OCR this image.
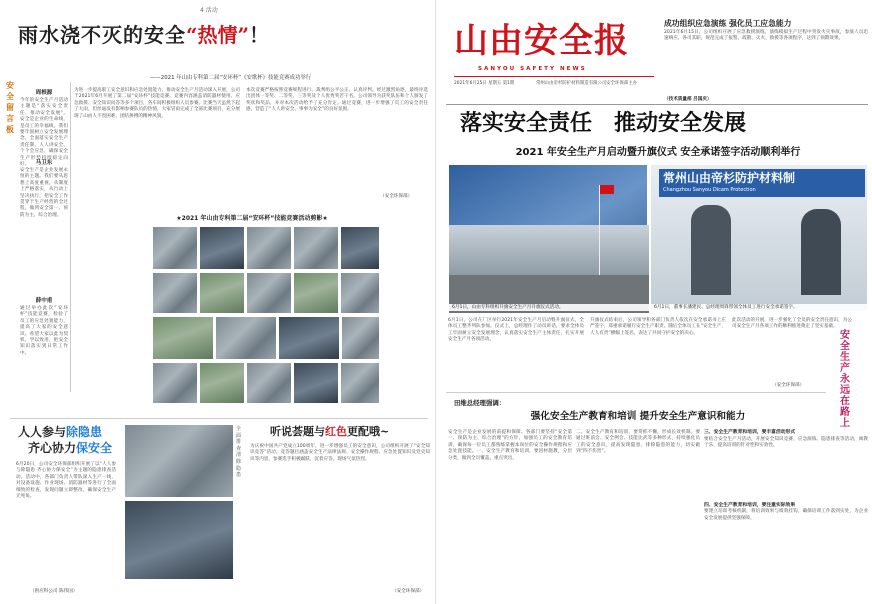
4 活动
雨水浇不灭的安全“热情”！
——2021 年山由专科第二届“安环杯”《安歌杯》技能竞赛成功举行
安全留言板
周根源
今年的安全生产月活动主题是“落实安全责任，推动安全发展”。安全是企业的生命线，是员工的幸福线。我们要牢固树立安全发展理念，全面落实安全生产责任制，人人讲安全、个个会应急，确保安全生产形势持续稳定向好。	马卫东
安全生产是企业发展永恒的主题。我们要从思想上高度重视，从制度上严格落实，从行动上坚决执行，把安全工作贯穿于生产经营的全过程，做到安全第一、预防为主、综合治理。
薛中甫
通过举办此次“安环杯”技能竞赛，检验了员工的应急处置能力，提高了大家的安全意识。希望大家以此为契机，学以致用，把安全知识落实到日常工作中。
为进一步提高职工安全意识和应急处置能力，推动安全生产月活动深入开展，公司于2021年6月开展了第二届“安环杯”技能竞赛。竞赛内容涵盖消防器材使用、应急救援、安全知识问答等多个项目，各车间积极组织人员参赛。比赛当天虽然下起了大雨，但丝毫没有影响参赛队员的热情，大家冒雨完成了全部比赛项目，充分展现了山由人不畏困难、团结拼搏的精神风貌。
本次竞赛严格按照竞赛规程进行，裁判组公平公正、认真评判。经过激烈角逐，最终评选出团体一等奖、二等奖、三等奖及个人优秀奖若干名。公司领导为获奖队伍和个人颁发了奖状和奖品，并对本次活动给予了充分肯定。通过竞赛，进一步增强了员工的安全责任感，营造了“人人讲安全、事事为安全”的良好氛围。
（安全环保部）
★2021 年山由专科第二届“安环杯”技能竞赛活动剪影★
人人参与除隐患
齐心协力保安全
6月20日，公司安全环保部组织开展了以“人人参与除隐患 齐心协力保安全”为主题的隐患排查活动。活动中，各部门负责人带队深入生产一线，对设备设施、作业现场、消防器材等进行了全面细致的检查，发现问题立即整改，确保安全生产无死角。
（供应科公司 陈伟国）
全面排查 清除隐患
听说荟题与红色更配哦~
为庆祝中国共产党成立100周年，进一步增强员工的安全意识，公司组织开展了“安全知识竞答”活动。竞答题目涵盖安全生产法律法规、安全操作规程、应急处置知识及党史知识等内容，参赛选手积极踊跃、沉着应答，现场气氛热烈。
（安全环保部）
山由安全报
SANYOU SAFETY NEWS
2021年6月25日 星期五 第1期	常州山由帝杉防护材料制造有限公司安全环保部主办
成功组织应急演练 强化员工应急能力
2021年6月15日，公司组织开展了应急救援演练，演练模拟生产过程中突发火灾事故，参演人员迅速响应、各司其职，规范完成了报警、疏散、灭火、救援等各项程序，达到了预期效果。
（技术质量部 吕国庆）
落实安全责任 推动安全发展
2021 年安全生产月启动暨升旗仪式 安全承诺签字活动顺利举行
6月1日，山由专科组织升旗安全生产月升旗仪式活动。
常州山由帝杉防护材料制
Changzhou Sanyou Dicam Protection
6月1日，董事长潘建民、总经理周锋带领全体员工进行安全承诺签字。
6月1日，公司在厂区举行2021年安全生产月启动暨升旗仪式，全体员工整齐列队参加。仪式上，总经理作了动员讲话，要求全体员工牢固树立安全发展理念，认真落实安全生产主体责任，扎实开展安全生产月各项活动。
升旗仪式结束后，公司领导和各部门负责人依次在安全承诺书上庄严签字，郑重承诺履行安全生产职责。随后全体员工在“安全生产，人人有责”横幅上签名，表达了共同守护安全的决心。
此次活动的开展，进一步强化了全员的安全责任意识，为公司安全生产月各项工作的顺利推进奠定了坚实基础。
（安全环保部）
田维总经理强调：
强化安全生产教育和培训 提升安全生产意识和能力
安全生产是企业发展的前提和保障。各部门要坚持“安全第一、预防为主、综合治理”的方针，加强员工的安全教育培训，确保每一位员工都熟练掌握本岗位的安全操作规程和应急处置技能。一、安全生产教育和培训，要因材施教，分层分类，做到全员覆盖、重点突出。
二、安全生产教育和培训，要常抓不懈，形成长效机制。要通过班前会、安全例会、技能比武等多种形式，持续强化员工的安全意识，提高发现隐患、排除隐患的能力，切实做到“四不伤害”。
三、安全生产教育和培训，要丰富活动形式
要结合安全生产月活动，开展安全知识竞赛、应急演练、隐患排查等活动，寓教于乐，提高培训的针对性和实效性。
四、安全生产教育和培训，要注重实际效果
要建立培训考核机制，将培训效果与绩效挂钩，确保培训工作落到实处，为企业安全发展提供坚强保障。
安全生产永远在路上
